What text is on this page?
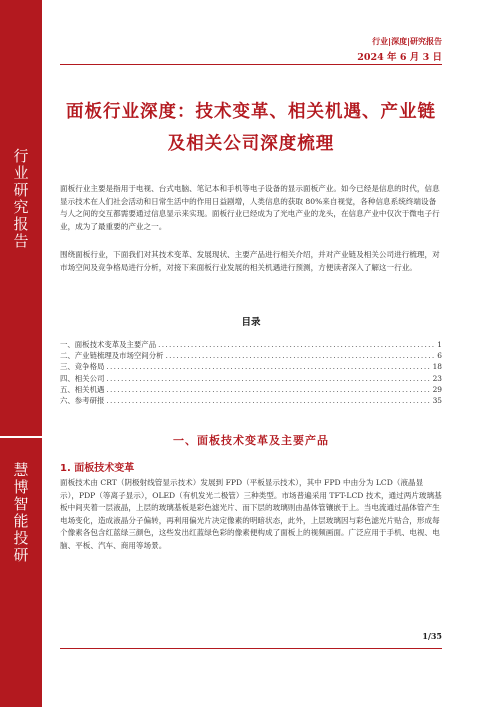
行业研究报告
慧博智能投研
行业|深度|研究报告
2024 年 6 月 3 日
面板行业深度：技术变革、相关机遇、产业链及相关公司深度梳理

面板行业主要是指用于电视、台式电脑、笔记本和手机等电子设备的显示面板产业。如今已经是信息的时代，信息显示技术在人们社会活动和日常生活中的作用日益剧增，人类信息的获取 80%来自视觉，各种信息系统终端设备与人之间的交互都需要通过信息显示来实现。面板行业已经成为了光电产业的龙头，在信息产业中仅次于微电子行业，成为了最重要的产业之一。

围绕面板行业，下面我们对其技术变革、发展现状、主要产品进行相关介绍，并对产业链及相关公司进行梳理，对市场空间及竞争格局进行分析，对接下来面板行业发展的相关机遇进行预测，方便读者深入了解这一行业。

目录
一、面板技术变革及主要产品 .....	1
二、产业链梳理及市场空间分析 .....	6
三、竞争格局 .....	18
四、相关公司 .....	23
五、相关机遇 .....	29
六、参考研报 .....	35
一、面板技术变革及主要产品
1. 面板技术变革

面板技术由 CRT（阴极射线管显示技术）发展到 FPD（平板显示技术），其中 FPD 中由分为 LCD（液晶显示），PDP（等离子显示），OLED（有机发光二极管）三种类型。市场普遍采用 TFT-LCD 技术，通过两片玻璃基板中间夹着一层液晶，上层的玻璃基板是彩色滤光片、而下层的玻璃则由晶体管镶嵌于上。当电流通过晶体管产生电场变化，造成液晶分子偏转，再利用偏光片决定像素的明暗状态，此外，上层玻璃因与彩色滤光片贴合，形成每个像素各包含红蓝绿三颜色，这些发出红蓝绿色彩的像素便构成了面板上的视频画面。广泛应用于手机、电视、电脑、平板、汽车、商用等场景。

1/35
